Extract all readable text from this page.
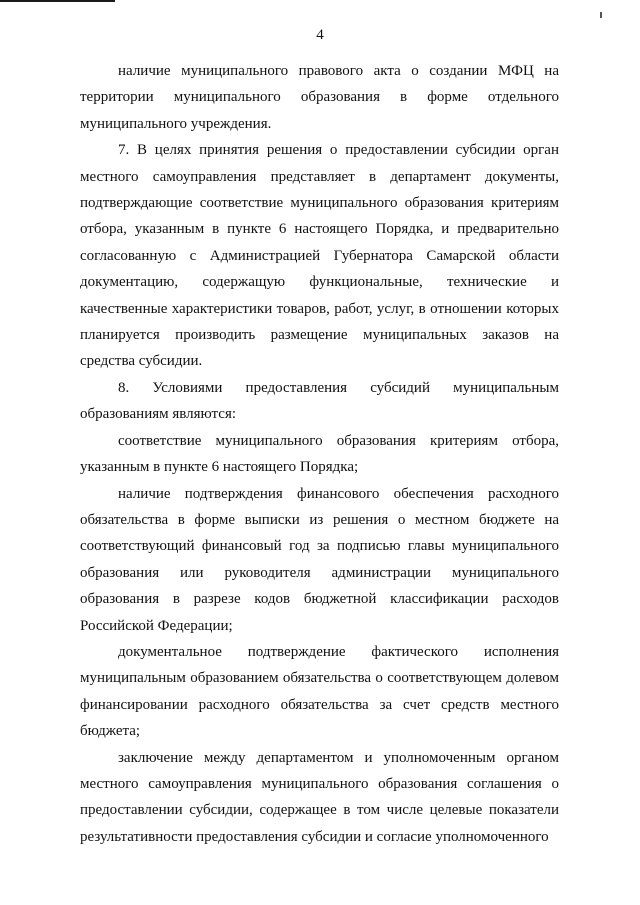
4

наличие муниципального правового акта о создании МФЦ на территории муниципального образования в форме отдельного муниципального учреждения.

7. В целях принятия решения о предоставлении субсидии орган местного самоуправления представляет в департамент документы, подтверждающие соответствие муниципального образования критериям отбора, указанным в пункте 6 настоящего Порядка, и предварительно согласованную с Администрацией Губернатора Самарской области документацию, содержащую функциональные, технические и качественные характеристики товаров, работ, услуг, в отношении которых планируется производить размещение муниципальных заказов на средства субсидии.

8. Условиями предоставления субсидий муниципальным образованиям являются:

соответствие муниципального образования критериям отбора, указанным в пункте 6 настоящего Порядка;

наличие подтверждения финансового обеспечения расходного обязательства в форме выписки из решения о местном бюджете на соответствующий финансовый год за подписью главы муниципального образования или руководителя администрации муниципального образования в разрезе кодов бюджетной классификации расходов Российской Федерации;

документальное подтверждение фактического исполнения муниципальным образованием обязательства о соответствующем долевом финансировании расходного обязательства за счет средств местного бюджета;

заключение между департаментом и уполномоченным органом местного самоуправления муниципального образования соглашения о предоставлении субсидии, содержащее в том числе целевые показатели результативности предоставления субсидии и согласие уполномоченного
